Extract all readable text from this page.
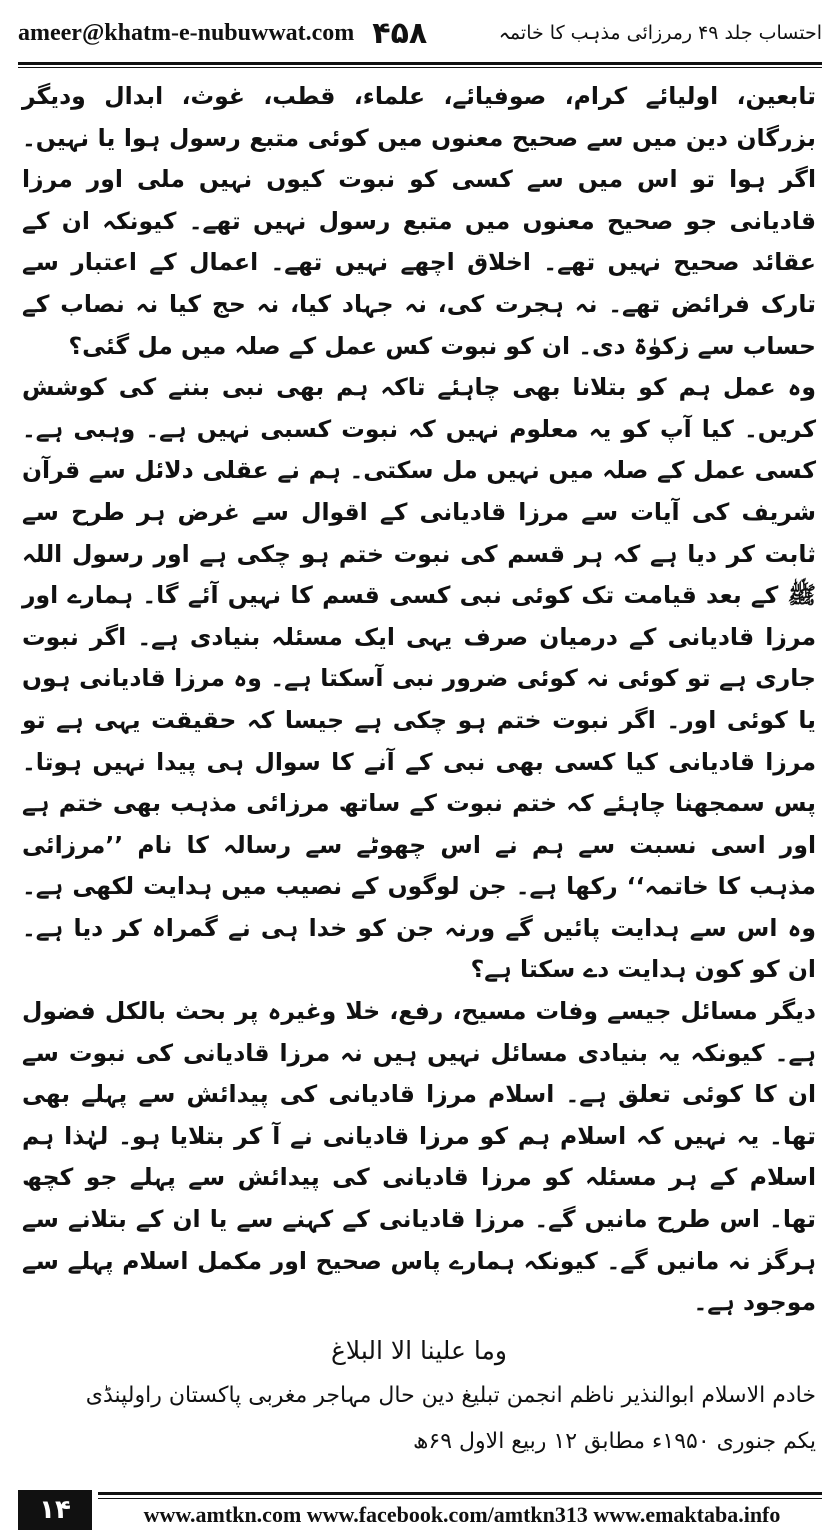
ameer@khatm-e-nubuwwat.com ۴۵۸	احتساب جلد ۴۹ رمرزائی مذہب کا خاتمہ

تابعین، اولیائے کرام، صوفیائے، علماء، قطب، غوث، ابدال ودیگر بزرگان دین میں سے صحیح معنوں میں کوئی متبع رسول ہوا یا نہیں۔ اگر ہوا تو اس میں سے کسی کو نبوت کیوں نہیں ملی اور مرزا قادیانی جو صحیح معنوں میں متبع رسول نہیں تھے۔ کیونکہ ان کے عقائد صحیح نہیں تھے۔ اخلاق اچھے نہیں تھے۔ اعمال کے اعتبار سے تارک فرائض تھے۔ نہ ہجرت کی، نہ جہاد کیا، نہ حج کیا نہ نصاب کے حساب سے زکوٰۃ دی۔ ان کو نبوت کس عمل کے صلہ میں مل گئی؟

وہ عمل ہم کو بتلانا بھی چاہئے تاکہ ہم بھی نبی بننے کی کوشش کریں۔ کیا آپ کو یہ معلوم نہیں کہ نبوت کسبی نہیں ہے۔ وہبی ہے۔ کسی عمل کے صلہ میں نہیں مل سکتی۔ ہم نے عقلی دلائل سے قرآن شریف کی آیات سے مرزا قادیانی کے اقوال سے غرض ہر طرح سے ثابت کر دیا ہے کہ ہر قسم کی نبوت ختم ہو چکی ہے اور رسول اللہ ﷺ کے بعد قیامت تک کوئی نبی کسی قسم کا نہیں آئے گا۔ ہمارے اور مرزا قادیانی کے درمیان صرف یہی ایک مسئلہ بنیادی ہے۔ اگر نبوت جاری ہے تو کوئی نہ کوئی ضرور نبی آسکتا ہے۔ وہ مرزا قادیانی ہوں یا کوئی اور۔ اگر نبوت ختم ہو چکی ہے جیسا کہ حقیقت یہی ہے تو مرزا قادیانی کیا کسی بھی نبی کے آنے کا سوال ہی پیدا نہیں ہوتا۔ پس سمجھنا چاہئے کہ ختم نبوت کے ساتھ مرزائی مذہب بھی ختم ہے اور اسی نسبت سے ہم نے اس چھوٹے سے رسالہ کا نام ’’مرزائی مذہب کا خاتمہ‘‘ رکھا ہے۔ جن لوگوں کے نصیب میں ہدایت لکھی ہے۔ وہ اس سے ہدایت پائیں گے ورنہ جن کو خدا ہی نے گمراہ کر دیا ہے۔ ان کو کون ہدایت دے سکتا ہے؟

دیگر مسائل جیسے وفات مسیح، رفع، خلا وغیرہ پر بحث بالکل فضول ہے۔ کیونکہ یہ بنیادی مسائل نہیں ہیں نہ مرزا قادیانی کی نبوت سے ان کا کوئی تعلق ہے۔ اسلام مرزا قادیانی کی پیدائش سے پہلے بھی تھا۔ یہ نہیں کہ اسلام ہم کو مرزا قادیانی نے آ کر بتلایا ہو۔ لہٰذا ہم اسلام کے ہر مسئلہ کو مرزا قادیانی کی پیدائش سے پہلے جو کچھ تھا۔ اس طرح مانیں گے۔ مرزا قادیانی کے کہنے سے یا ان کے بتلانے سے ہرگز نہ مانیں گے۔ کیونکہ ہمارے پاس صحیح اور مکمل اسلام پہلے سے موجود ہے۔

وما علینا الا البلاغ
خادم الاسلام ابوالنذیر ناظم انجمن تبلیغ دین حال مہاجر مغربی پاکستان راولپنڈی
یکم جنوری ۱۹۵۰ء مطابق ۱۲ ربیع الاول ۶۹ھ
۱۴	www.amtkn.com www.facebook.com/amtkn313 www.emaktaba.info
